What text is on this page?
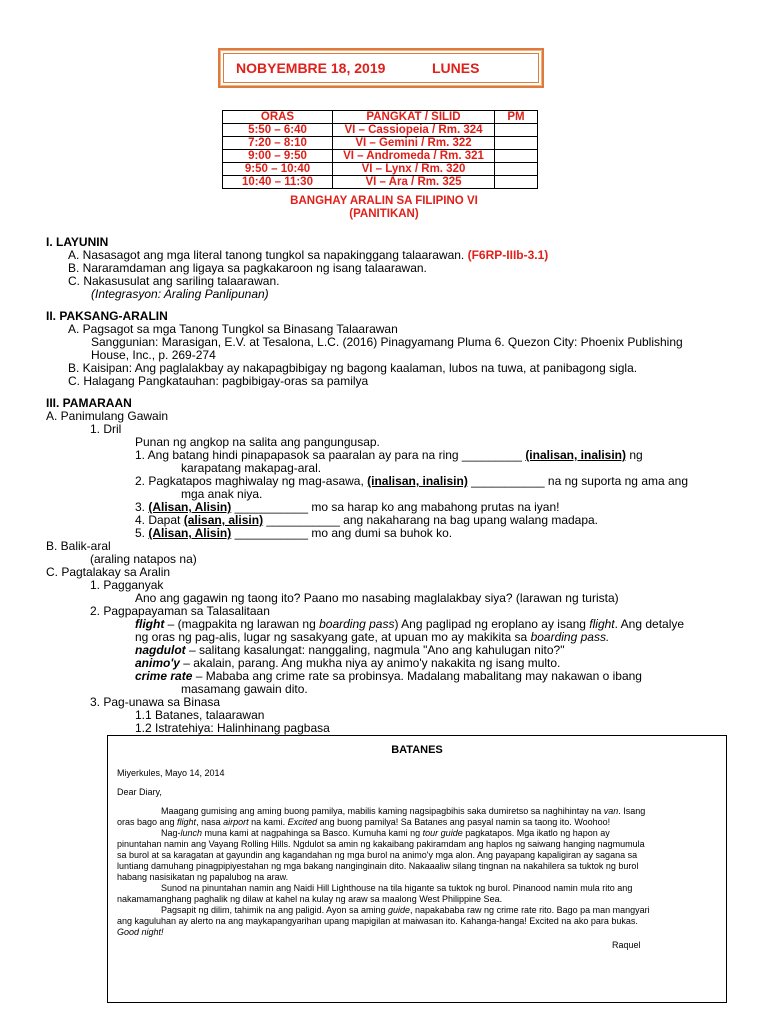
NOBYEMBRE 18, 2019	LUNES
ORAS	PANGKAT / SILID	PM
5:50 – 6:40	VI – Cassiopeia / Rm. 324	
7:20 – 8:10	VI – Gemini / Rm. 322	
9:00 – 9:50	VI – Andromeda / Rm. 321	
9:50 – 10:40	VI – Lynx / Rm. 320	
10:40 – 11:30	VI – Ara / Rm. 325	
BANGHAY ARALIN SA FILIPINO VI
(PANITIKAN)
I. LAYUNIN
A. Nasasagot ang mga literal tanong tungkol sa napakinggang talaarawan. (F6RP-IIIb-3.1)
B. Nararamdaman ang ligaya sa pagkakaroon ng isang talaarawan.
C. Nakasusulat ang sariling talaarawan.
(Integrasyon: Araling Panlipunan)
II. PAKSANG-ARALIN
A. Pagsagot sa mga Tanong Tungkol sa Binasang Talaarawan
Sanggunian: Marasigan, E.V. at Tesalona, L.C. (2016) Pinagyamang Pluma 6. Quezon City: Phoenix Publishing
House, Inc., p. 269-274
B. Kaisipan: Ang paglalakbay ay nakapagbibigay ng bagong kaalaman, lubos na tuwa, at panibagong sigla.
C. Halagang Pangkatauhan: pagbibigay-oras sa pamilya
III. PAMARAAN
A. Panimulang Gawain
1. Dril
Punan ng angkop na salita ang pangungusap.
1. Ang batang hindi pinapapasok sa paaralan ay para na ring _________ (inalisan, inalisin) ng
karapatang makapag-aral.
2. Pagkatapos maghiwalay ng mag-asawa, (inalisan, inalisin) ___________ na ng suporta ng ama ang
mga anak niya.
3. (Alisan, Alisin) ___________ mo sa harap ko ang mabahong prutas na iyan!
4. Dapat (alisan, alisin) ___________ ang nakaharang na bag upang walang madapa.
5. (Alisan, Alisin) ___________ mo ang dumi sa buhok ko.
B. Balik-aral
(araling natapos na)
C. Pagtalakay sa Aralin
1. Pagganyak
Ano ang gagawin ng taong ito? Paano mo nasabing maglalakbay siya? (larawan ng turista)
2. Pagpapayaman sa Talasalitaan
flight – (magpakita ng larawan ng boarding pass) Ang paglipad ng eroplano ay isang flight. Ang detalye
ng oras ng pag-alis, lugar ng sasakyang gate, at upuan mo ay makikita sa boarding pass.
nagdulot – salitang kasalungat: nanggaling, nagmula "Ano ang kahulugan nito?"
animo'y – akalain, parang. Ang mukha niya ay animo'y nakakita ng isang multo.
crime rate – Mababa ang crime rate sa probinsya. Madalang mabalitang may nakawan o ibang
masamang gawain dito.
3. Pag-unawa sa Binasa
1.1 Batanes, talaarawan
1.2 Istratehiya: Halinhinang pagbasa
BATANES
Miyerkules, Mayo 14, 2014
Dear Diary,
Maagang gumising ang aming buong pamilya, mabilis kaming nagsipagbihis saka dumiretso sa naghihintay na van. Isang
oras bago ang flight, nasa airport na kami. Excited ang buong pamilya! Sa Batanes ang pasyal namin sa taong ito. Woohoo!
Nag-lunch muna kami at nagpahinga sa Basco. Kumuha kami ng tour guide pagkatapos. Mga ikatlo ng hapon ay
pinuntahan namin ang Vayang Rolling Hills. Ngdulot sa amin ng kakaibang pakiramdam ang haplos ng saiwang hanging nagmumula
sa burol at sa karagatan at gayundin ang kagandahan ng mga burol na animo'y mga alon. Ang payapang kapaligiran ay sagana sa
luntiang damuhang pinagpipiyestahan ng mga bakang nanginginain dito. Nakaaaliw silang tingnan na nakahilera sa tuktok ng burol
habang nasisikatan ng papalubog na araw.
Sunod na pinuntahan namin ang Naidi Hill Lighthouse na tila higante sa tuktok ng burol. Pinanood namin mula rito ang
nakamamanghang paghalik ng dilaw at kahel na kulay ng araw sa maalong West Philippine Sea.
Pagsapit ng dilim, tahimik na ang paligid. Ayon sa aming guide, napakababa raw ng crime rate rito. Bago pa man mangyari
ang kaguluhan ay alerto na ang maykapangyarihan upang mapigilan at maiwasan ito. Kahanga-hanga! Excited na ako para bukas.
Good night!
Raquel
